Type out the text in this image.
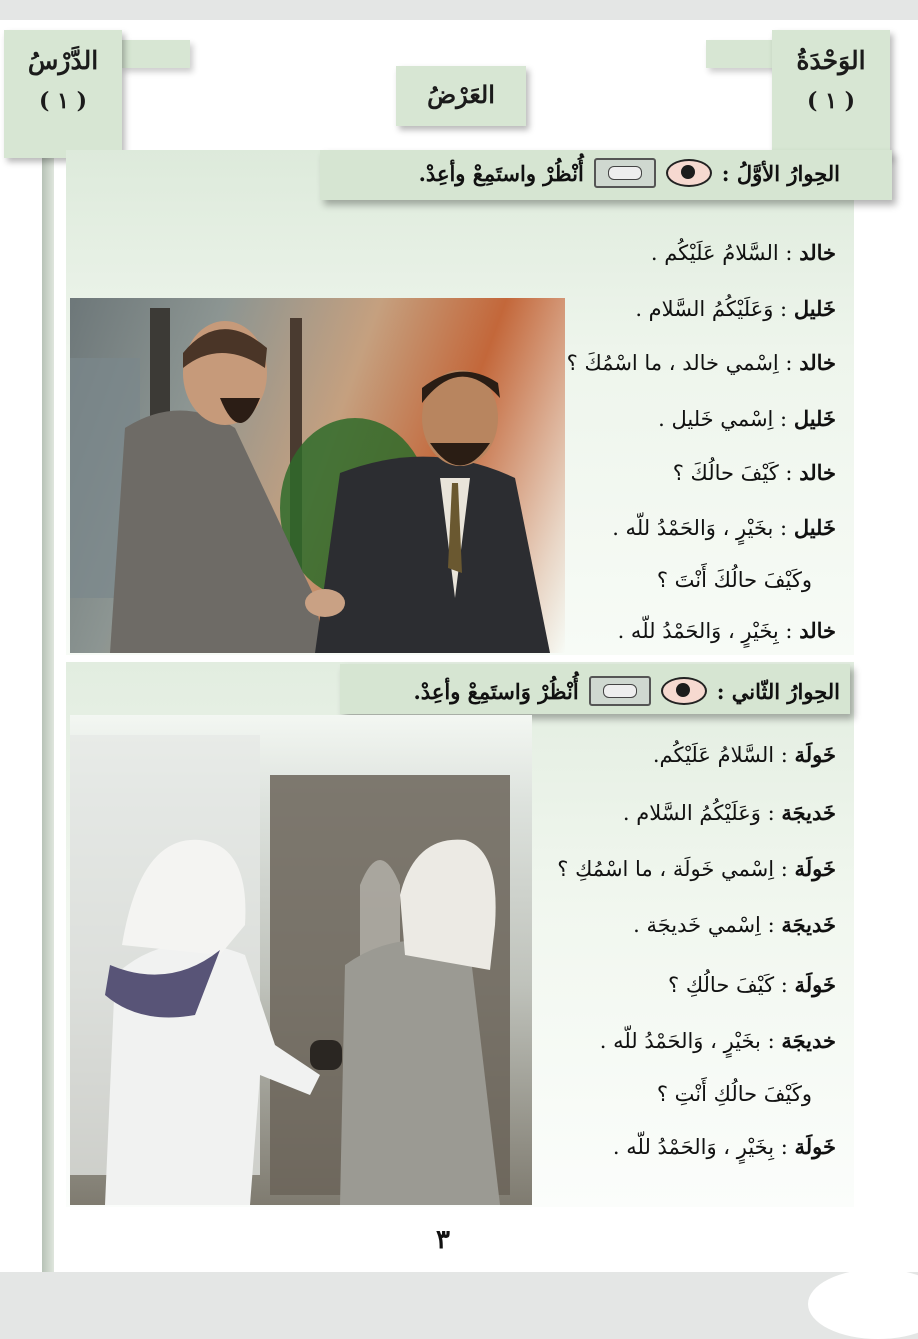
الدَّرْسُ
( ١ )
الوَحْدَةُ
( ١ )
العَرْضُ
الحِوارُ الأوَّلُ :
أُنْظُرْ واستَمِعْ وأعِدْ.
خالد : السَّلامُ عَلَيْكُم .
خَليل : وَعَلَيْكُمُ السَّلام .
خالد : اِسْمي خالد ، ما اسْمُكَ ؟
خَليل : اِسْمي خَليل .
خالد : كَيْفَ حالُكَ ؟
خَليل : بخَيْرٍ ، وَالحَمْدُ للّه .
وكَيْفَ حالُكَ أَنْتَ ؟
خالد : بِخَيْرٍ ، وَالحَمْدُ للّه .
الحِوارُ الثّاني :
أُنْظُرْ وَاستَمِعْ وأعِدْ.
خَولَة : السَّلامُ عَلَيْكُم.
خَديجَة : وَعَلَيْكُمُ السَّلام .
خَولَة : اِسْمي خَولَة ، ما اسْمُكِ ؟
خَديجَة : اِسْمي خَديجَة .
خَولَة : كَيْفَ حالُكِ ؟
خديجَة : بخَيْرٍ ، وَالحَمْدُ للّه .
وكَيْفَ حالُكِ أَنْتِ ؟
خَولَة : بِخَيْرٍ ، وَالحَمْدُ للّه .
٣
